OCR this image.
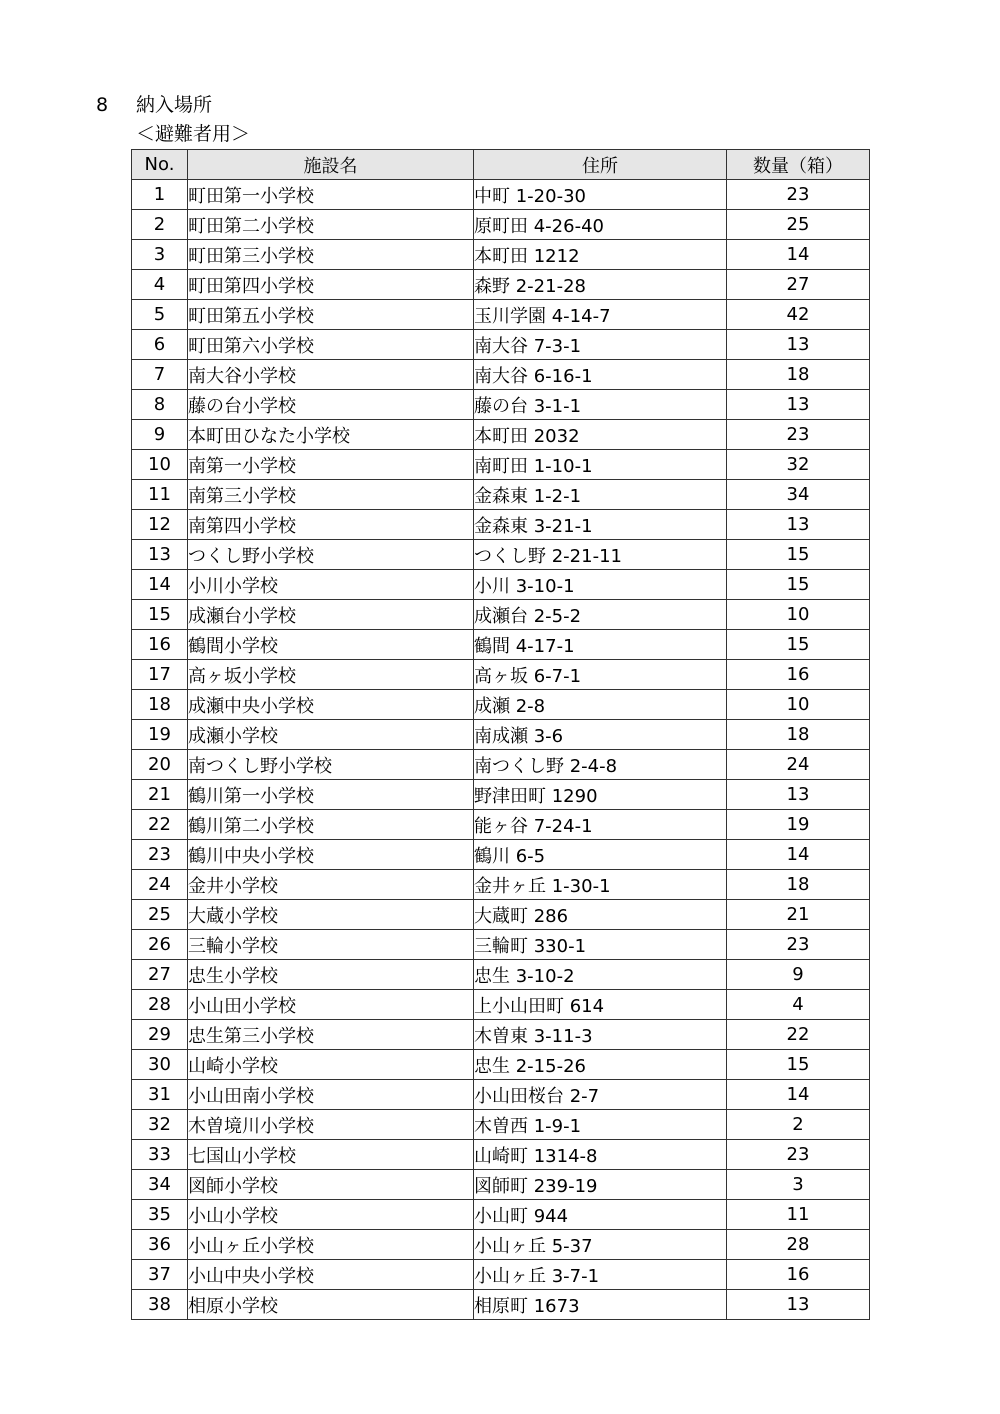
8 納入場所
＜避難者用＞
No.	施設名	住所	数量（箱）
1	町田第一小学校	中町 1-20-30	23
2	町田第二小学校	原町田 4-26-40	25
3	町田第三小学校	本町田 1212	14
4	町田第四小学校	森野 2-21-28	27
5	町田第五小学校	玉川学園 4-14-7	42
6	町田第六小学校	南大谷 7-3-1	13
7	南大谷小学校	南大谷 6-16-1	18
8	藤の台小学校	藤の台 3-1-1	13
9	本町田ひなた小学校	本町田 2032	23
10	南第一小学校	南町田 1-10-1	32
11	南第三小学校	金森東 1-2-1	34
12	南第四小学校	金森東 3-21-1	13
13	つくし野小学校	つくし野 2-21-11	15
14	小川小学校	小川 3-10-1	15
15	成瀬台小学校	成瀬台 2-5-2	10
16	鶴間小学校	鶴間 4-17-1	15
17	高ヶ坂小学校	高ヶ坂 6-7-1	16
18	成瀬中央小学校	成瀬 2-8	10
19	成瀬小学校	南成瀬 3-6	18
20	南つくし野小学校	南つくし野 2-4-8	24
21	鶴川第一小学校	野津田町 1290	13
22	鶴川第二小学校	能ヶ谷 7-24-1	19
23	鶴川中央小学校	鶴川 6-5	14
24	金井小学校	金井ヶ丘 1-30-1	18
25	大蔵小学校	大蔵町 286	21
26	三輪小学校	三輪町 330-1	23
27	忠生小学校	忠生 3-10-2	9
28	小山田小学校	上小山田町 614	4
29	忠生第三小学校	木曽東 3-11-3	22
30	山崎小学校	忠生 2-15-26	15
31	小山田南小学校	小山田桜台 2-7	14
32	木曽境川小学校	木曽西 1-9-1	2
33	七国山小学校	山崎町 1314-8	23
34	図師小学校	図師町 239-19	3
35	小山小学校	小山町 944	11
36	小山ヶ丘小学校	小山ヶ丘 5-37	28
37	小山中央小学校	小山ヶ丘 3-7-1	16
38	相原小学校	相原町 1673	13
